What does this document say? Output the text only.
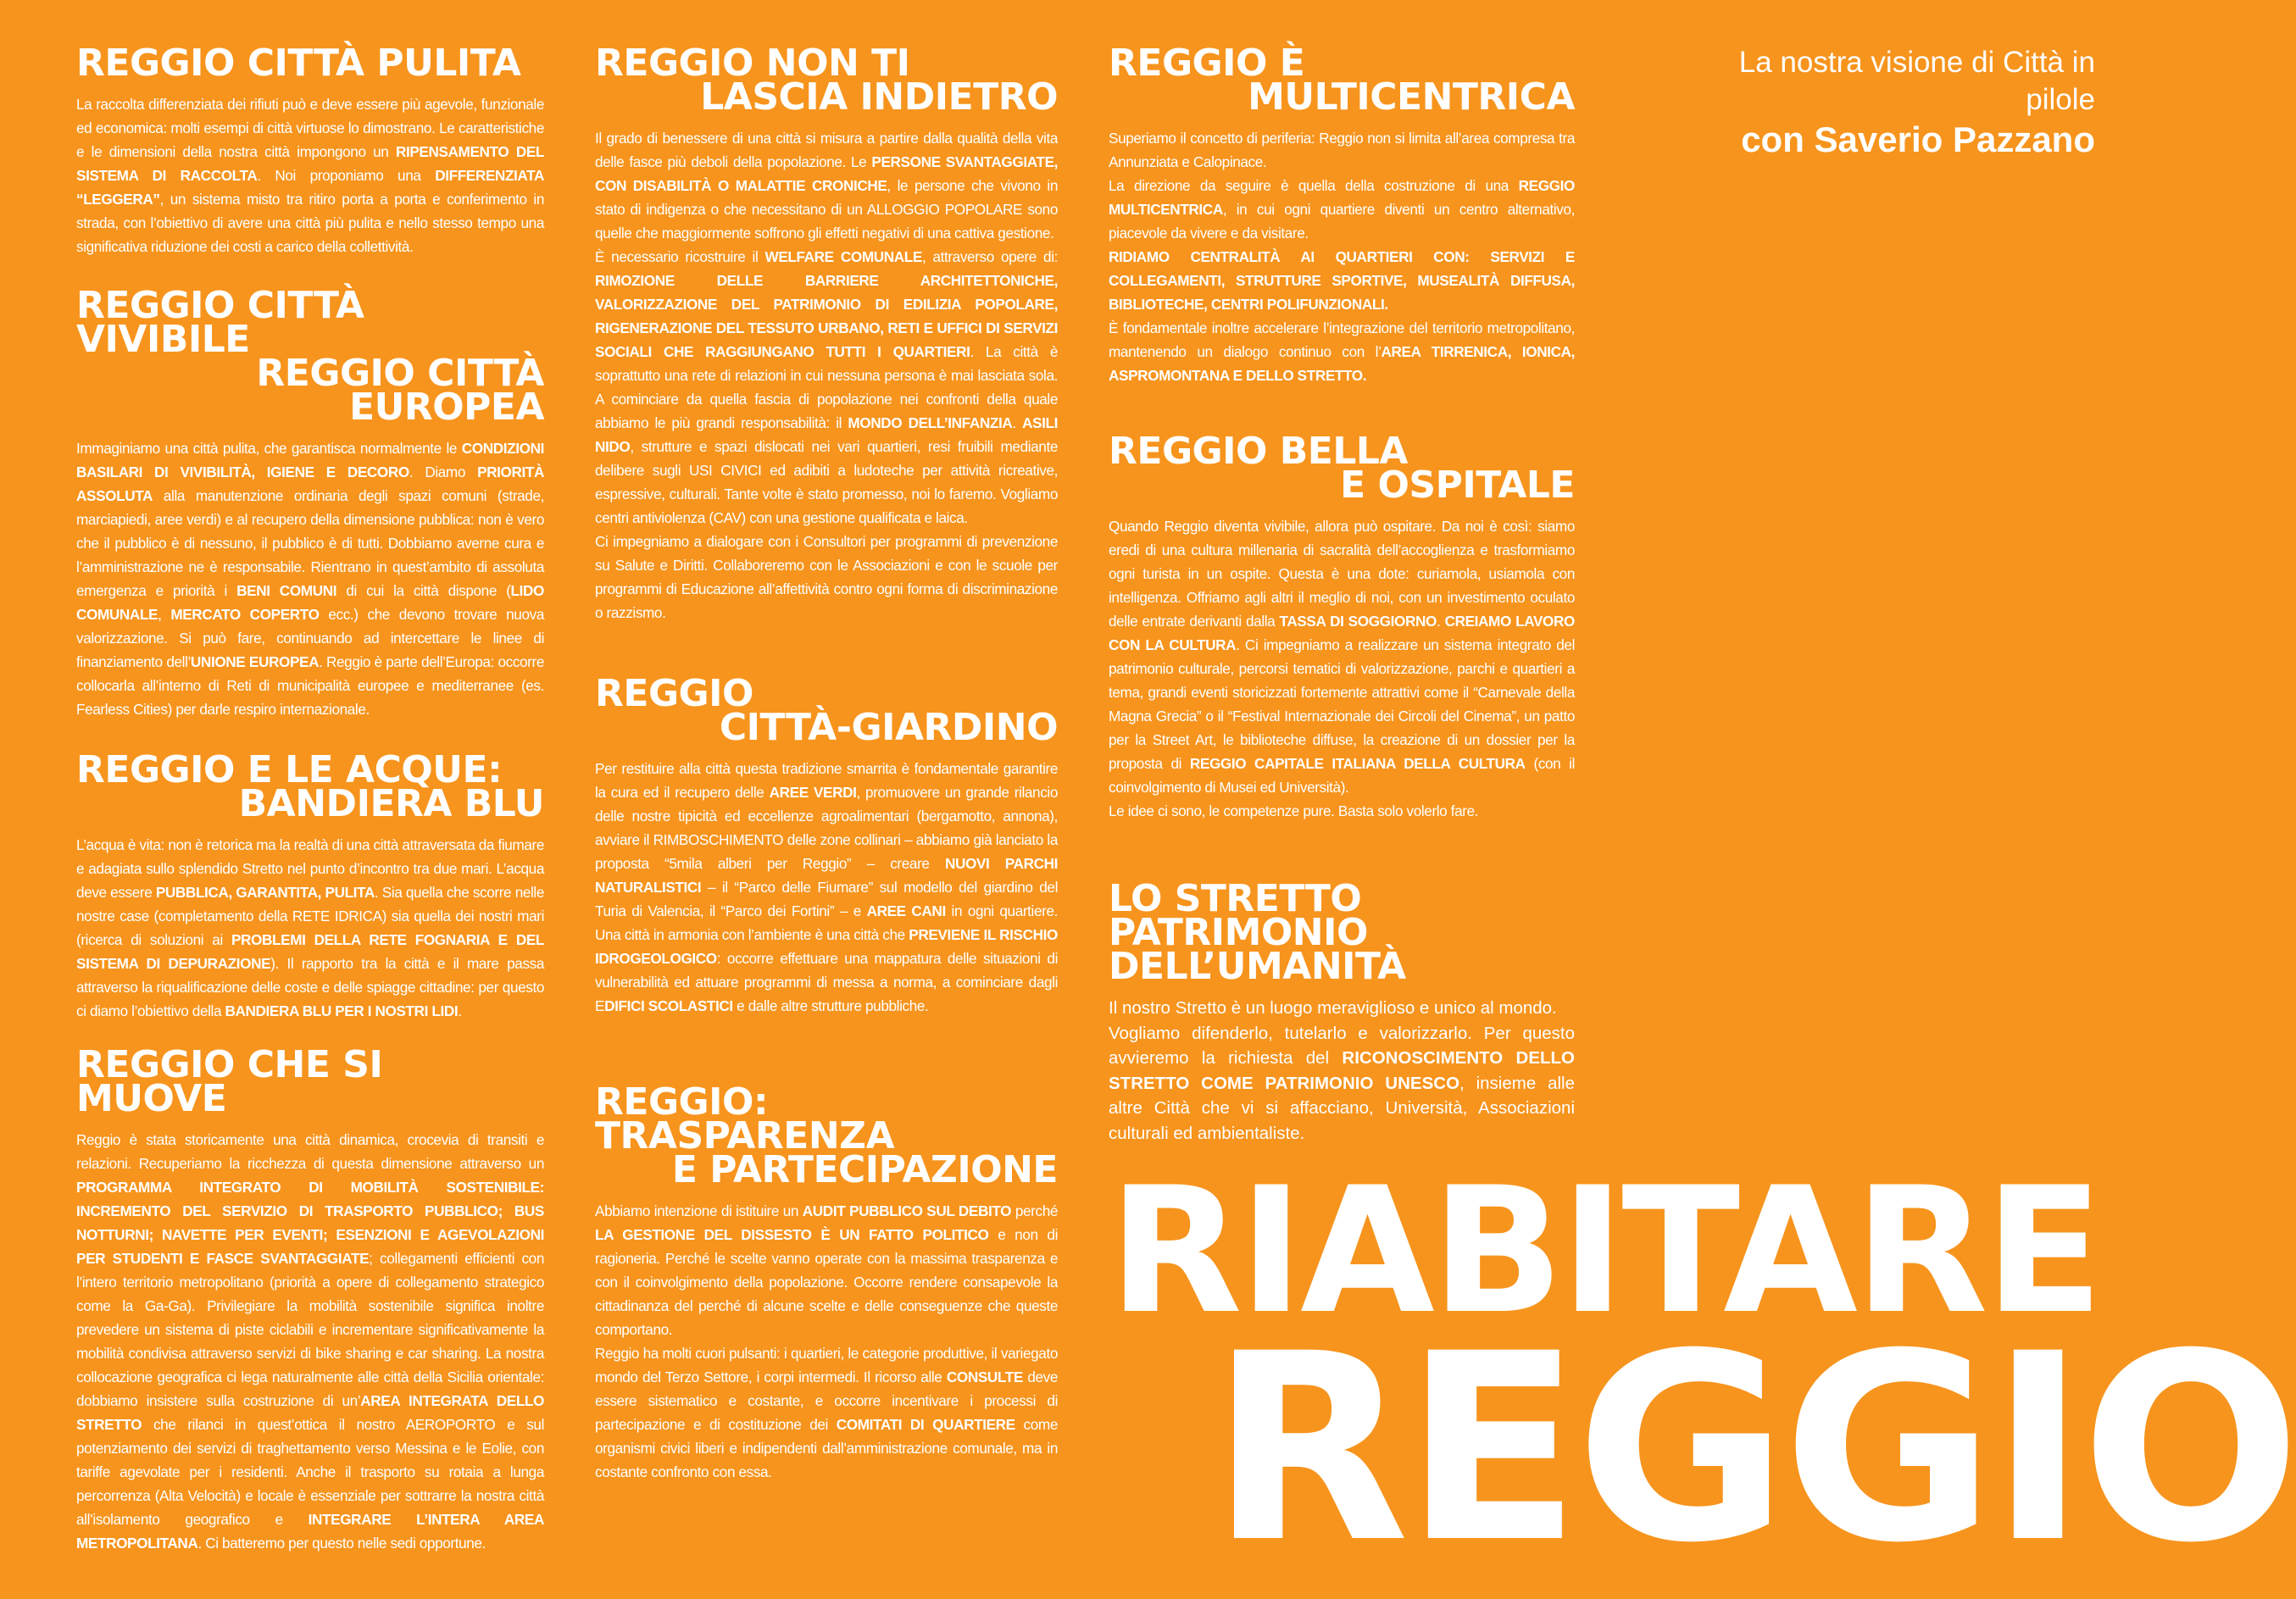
La nostra visione di Città in pilole
con Saverio Pazzano
REGGIO CITTÀ PULITA

La raccolta differenziata dei rifiuti può e deve essere più agevole, funzionale ed economica: molti esempi di città virtuose lo dimostrano. Le caratteristiche e le dimensioni della nostra città impongono un RIPENSAMENTO DEL SISTEMA DI RACCOLTA. Noi proponiamo una DIFFERENZIATA “LEGGERA”, un sistema misto tra ritiro porta a porta e conferimento in strada, con l’obiettivo di avere una città più pulita e nello stesso tempo una significativa riduzione dei costi a carico della collettività.

REGGIO CITTÀ VIVIBILE
REGGIO CITTÀ EUROPEA

Immaginiamo una città pulita, che garantisca normalmente le CONDIZIONI BASILARI DI VIVIBILITÀ, IGIENE E DECORO. Diamo PRIORITÀ ASSOLUTA alla manutenzione ordinaria degli spazi comuni (strade, marciapiedi, aree verdi) e al recupero della dimensione pubblica: non è vero che il pubblico è di nessuno, il pubblico è di tutti. Dobbiamo averne cura e l’amministrazione ne è responsabile. Rientrano in quest’ambito di assoluta emergenza e priorità i BENI COMUNI di cui la città dispone (LIDO COMUNALE, MERCATO COPERTO ecc.) che devono trovare nuova valorizzazione. Si può fare, continuando ad intercettare le linee di finanziamento dell’UNIONE EUROPEA. Reggio è parte dell’Europa: occorre collocarla all’interno di Reti di municipalità europee e mediterranee (es. Fearless Cities) per darle respiro internazionale.

REGGIO E LE ACQUE:
BANDIERA BLU

L’acqua è vita: non è retorica ma la realtà di una città attraversata da fiumare e adagiata sullo splendido Stretto nel punto d’incontro tra due mari. L’acqua deve essere PUBBLICA, GARANTITA, PULITA. Sia quella che scorre nelle nostre case (completamento della RETE IDRICA) sia quella dei nostri mari (ricerca di soluzioni ai PROBLEMI DELLA RETE FOGNARIA E DEL SISTEMA DI DEPURAZIONE). Il rapporto tra la città e il mare passa attraverso la riqualificazione delle coste e delle spiagge cittadine: per questo ci diamo l’obiettivo della BANDIERA BLU PER I NOSTRI LIDI.

REGGIO CHE SI MUOVE

Reggio è stata storicamente una città dinamica, crocevia di transiti e relazioni. Recuperiamo la ricchezza di questa dimensione attraverso un PROGRAMMA INTEGRATO DI MOBILITÀ SOSTENIBILE: INCREMENTO DEL SERVIZIO DI TRASPORTO PUBBLICO; BUS NOTTURNI; NAVETTE PER EVENTI; ESENZIONI E AGEVOLAZIONI PER STUDENTI E FASCE SVANTAGGIATE; collegamenti efficienti con l’intero territorio metropolitano (priorità a opere di collegamento strategico come la Ga-Ga). Privilegiare la mobilità sostenibile significa inoltre prevedere un sistema di piste ciclabili e incrementare significativamente la mobilità condivisa attraverso servizi di bike sharing e car sharing. La nostra collocazione geografica ci lega naturalmente alle città della Sicilia orientale: dobbiamo insistere sulla costruzione di un’AREA INTEGRATA DELLO STRETTO che rilanci in quest’ottica il nostro AEROPORTO e sul potenziamento dei servizi di traghettamento verso Messina e le Eolie, con tariffe agevolate per i residenti. Anche il trasporto su rotaia a lunga percorrenza (Alta Velocità) e locale è essenziale per sottrarre la nostra città all’isolamento geografico e INTEGRARE L’INTERA AREA METROPOLITANA. Ci batteremo per questo nelle sedi opportune.

REGGIO NON TI
LASCIA INDIETRO

Il grado di benessere di una città si misura a partire dalla qualità della vita delle fasce più deboli della popolazione. Le PERSONE SVANTAGGIATE, CON DISABILITÀ O MALATTIE CRONICHE, le persone che vivono in stato di indigenza o che necessitano di un ALLOGGIO POPOLARE sono quelle che maggiormente soffrono gli effetti negativi di una cattiva gestione.

È necessario ricostruire il WELFARE COMUNALE, attraverso opere di: RIMOZIONE DELLE BARRIERE ARCHITETTONICHE, VALORIZZAZIONE DEL PATRIMONIO DI EDILIZIA POPOLARE, RIGENERAZIONE DEL TESSUTO URBANO, RETI E UFFICI DI SERVIZI SOCIALI CHE RAGGIUNGANO TUTTI I QUARTIERI. La città è soprattutto una rete di relazioni in cui nessuna persona è mai lasciata sola. A cominciare da quella fascia di popolazione nei confronti della quale abbiamo le più grandi responsabilità: il MONDO DELL’INFANZIA. ASILI NIDO, strutture e spazi dislocati nei vari quartieri, resi fruibili mediante delibere sugli USI CIVICI ed adibiti a ludoteche per attività ricreative, espressive, culturali. Tante volte è stato promesso, noi lo faremo. Vogliamo centri antiviolenza (CAV) con una gestione qualificata e laica.

Ci impegniamo a dialogare con i Consultori per programmi di prevenzione su Salute e Diritti. Collaboreremo con le Associazioni e con le scuole per programmi di Educazione all’affettività contro ogni forma di discriminazione o razzismo.

REGGIO
CITTÀ-GIARDINO

Per restituire alla città questa tradizione smarrita è fondamentale garantire la cura ed il recupero delle AREE VERDI, promuovere un grande rilancio delle nostre tipicità ed eccellenze agroalimentari (bergamotto, annona), avviare il RIMBOSCHIMENTO delle zone collinari – abbiamo già lanciato la proposta “5mila alberi per Reggio” – creare NUOVI PARCHI NATURALISTICI – il “Parco delle Fiumare” sul modello del giardino del Turia di Valencia, il “Parco dei Fortini” – e AREE CANI in ogni quartiere. Una città in armonia con l’ambiente è una città che PREVIENE IL RISCHIO IDROGEOLOGICO: occorre effettuare una mappatura delle situazioni di vulnerabilità ed attuare programmi di messa a norma, a cominciare dagli EDIFICI SCOLASTICI e dalle altre strutture pubbliche.

REGGIO: TRASPARENZA
E PARTECIPAZIONE

Abbiamo intenzione di istituire un AUDIT PUBBLICO SUL DEBITO perché LA GESTIONE DEL DISSESTO È UN FATTO POLITICO e non di ragioneria. Perché le scelte vanno operate con la massima trasparenza e con il coinvolgimento della popolazione. Occorre rendere consapevole la cittadinanza del perché di alcune scelte e delle conseguenze che queste comportano.

Reggio ha molti cuori pulsanti: i quartieri, le categorie produttive, il variegato mondo del Terzo Settore, i corpi intermedi. Il ricorso alle CONSULTE deve essere sistematico e costante, e occorre incentivare i processi di partecipazione e di costituzione dei COMITATI DI QUARTIERE come organismi civici liberi e indipendenti dall’amministrazione comunale, ma in costante confronto con essa.

REGGIO È
MULTICENTRICA

Superiamo il concetto di periferia: Reggio non si limita all’area compresa tra Annunziata e Calopinace.

La direzione da seguire è quella della costruzione di una REGGIO MULTICENTRICA, in cui ogni quartiere diventi un centro alternativo, piacevole da vivere e da visitare.

RIDIAMO CENTRALITÀ AI QUARTIERI CON: SERVIZI E COLLEGAMENTI, STRUTTURE SPORTIVE, MUSEALITÀ DIFFUSA, BIBLIOTECHE, CENTRI POLIFUNZIONALI.

È fondamentale inoltre accelerare l’integrazione del territorio metropolitano, mantenendo un dialogo continuo con l’AREA TIRRENICA, IONICA, ASPROMONTANA E DELLO STRETTO.

REGGIO BELLA
E OSPITALE

Quando Reggio diventa vivibile, allora può ospitare. Da noi è così: siamo eredi di una cultura millenaria di sacralità dell’accoglienza e trasformiamo ogni turista in un ospite. Questa è una dote: curiamola, usiamola con intelligenza. Offriamo agli altri il meglio di noi, con un investimento oculato delle entrate derivanti dalla TASSA DI SOGGIORNO. CREIAMO LAVORO CON LA CULTURA. Ci impegniamo a realizzare un sistema integrato del patrimonio culturale, percorsi tematici di valorizzazione, parchi e quartieri a tema, grandi eventi storicizzati fortemente attrattivi come il “Carnevale della Magna Grecia” o il “Festival Internazionale dei Circoli del Cinema”, un patto per la Street Art, le biblioteche diffuse, la creazione di un dossier per la proposta di REGGIO CAPITALE ITALIANA DELLA CULTURA (con il coinvolgimento di Musei ed Università).

Le idee ci sono, le competenze pure. Basta solo volerlo fare.

LO STRETTO
PATRIMONIO DELL’UMANITÀ

Il nostro Stretto è un luogo meraviglioso e unico al mondo.

Vogliamo difenderlo, tutelarlo e valorizzarlo. Per questo avvieremo la richiesta del RICONOSCIMENTO DELLO STRETTO COME PATRIMONIO UNESCO, insieme alle altre Città che vi si affacciano, Università, Associazioni culturali ed ambientaliste.

RIABITARE
REGGIO
